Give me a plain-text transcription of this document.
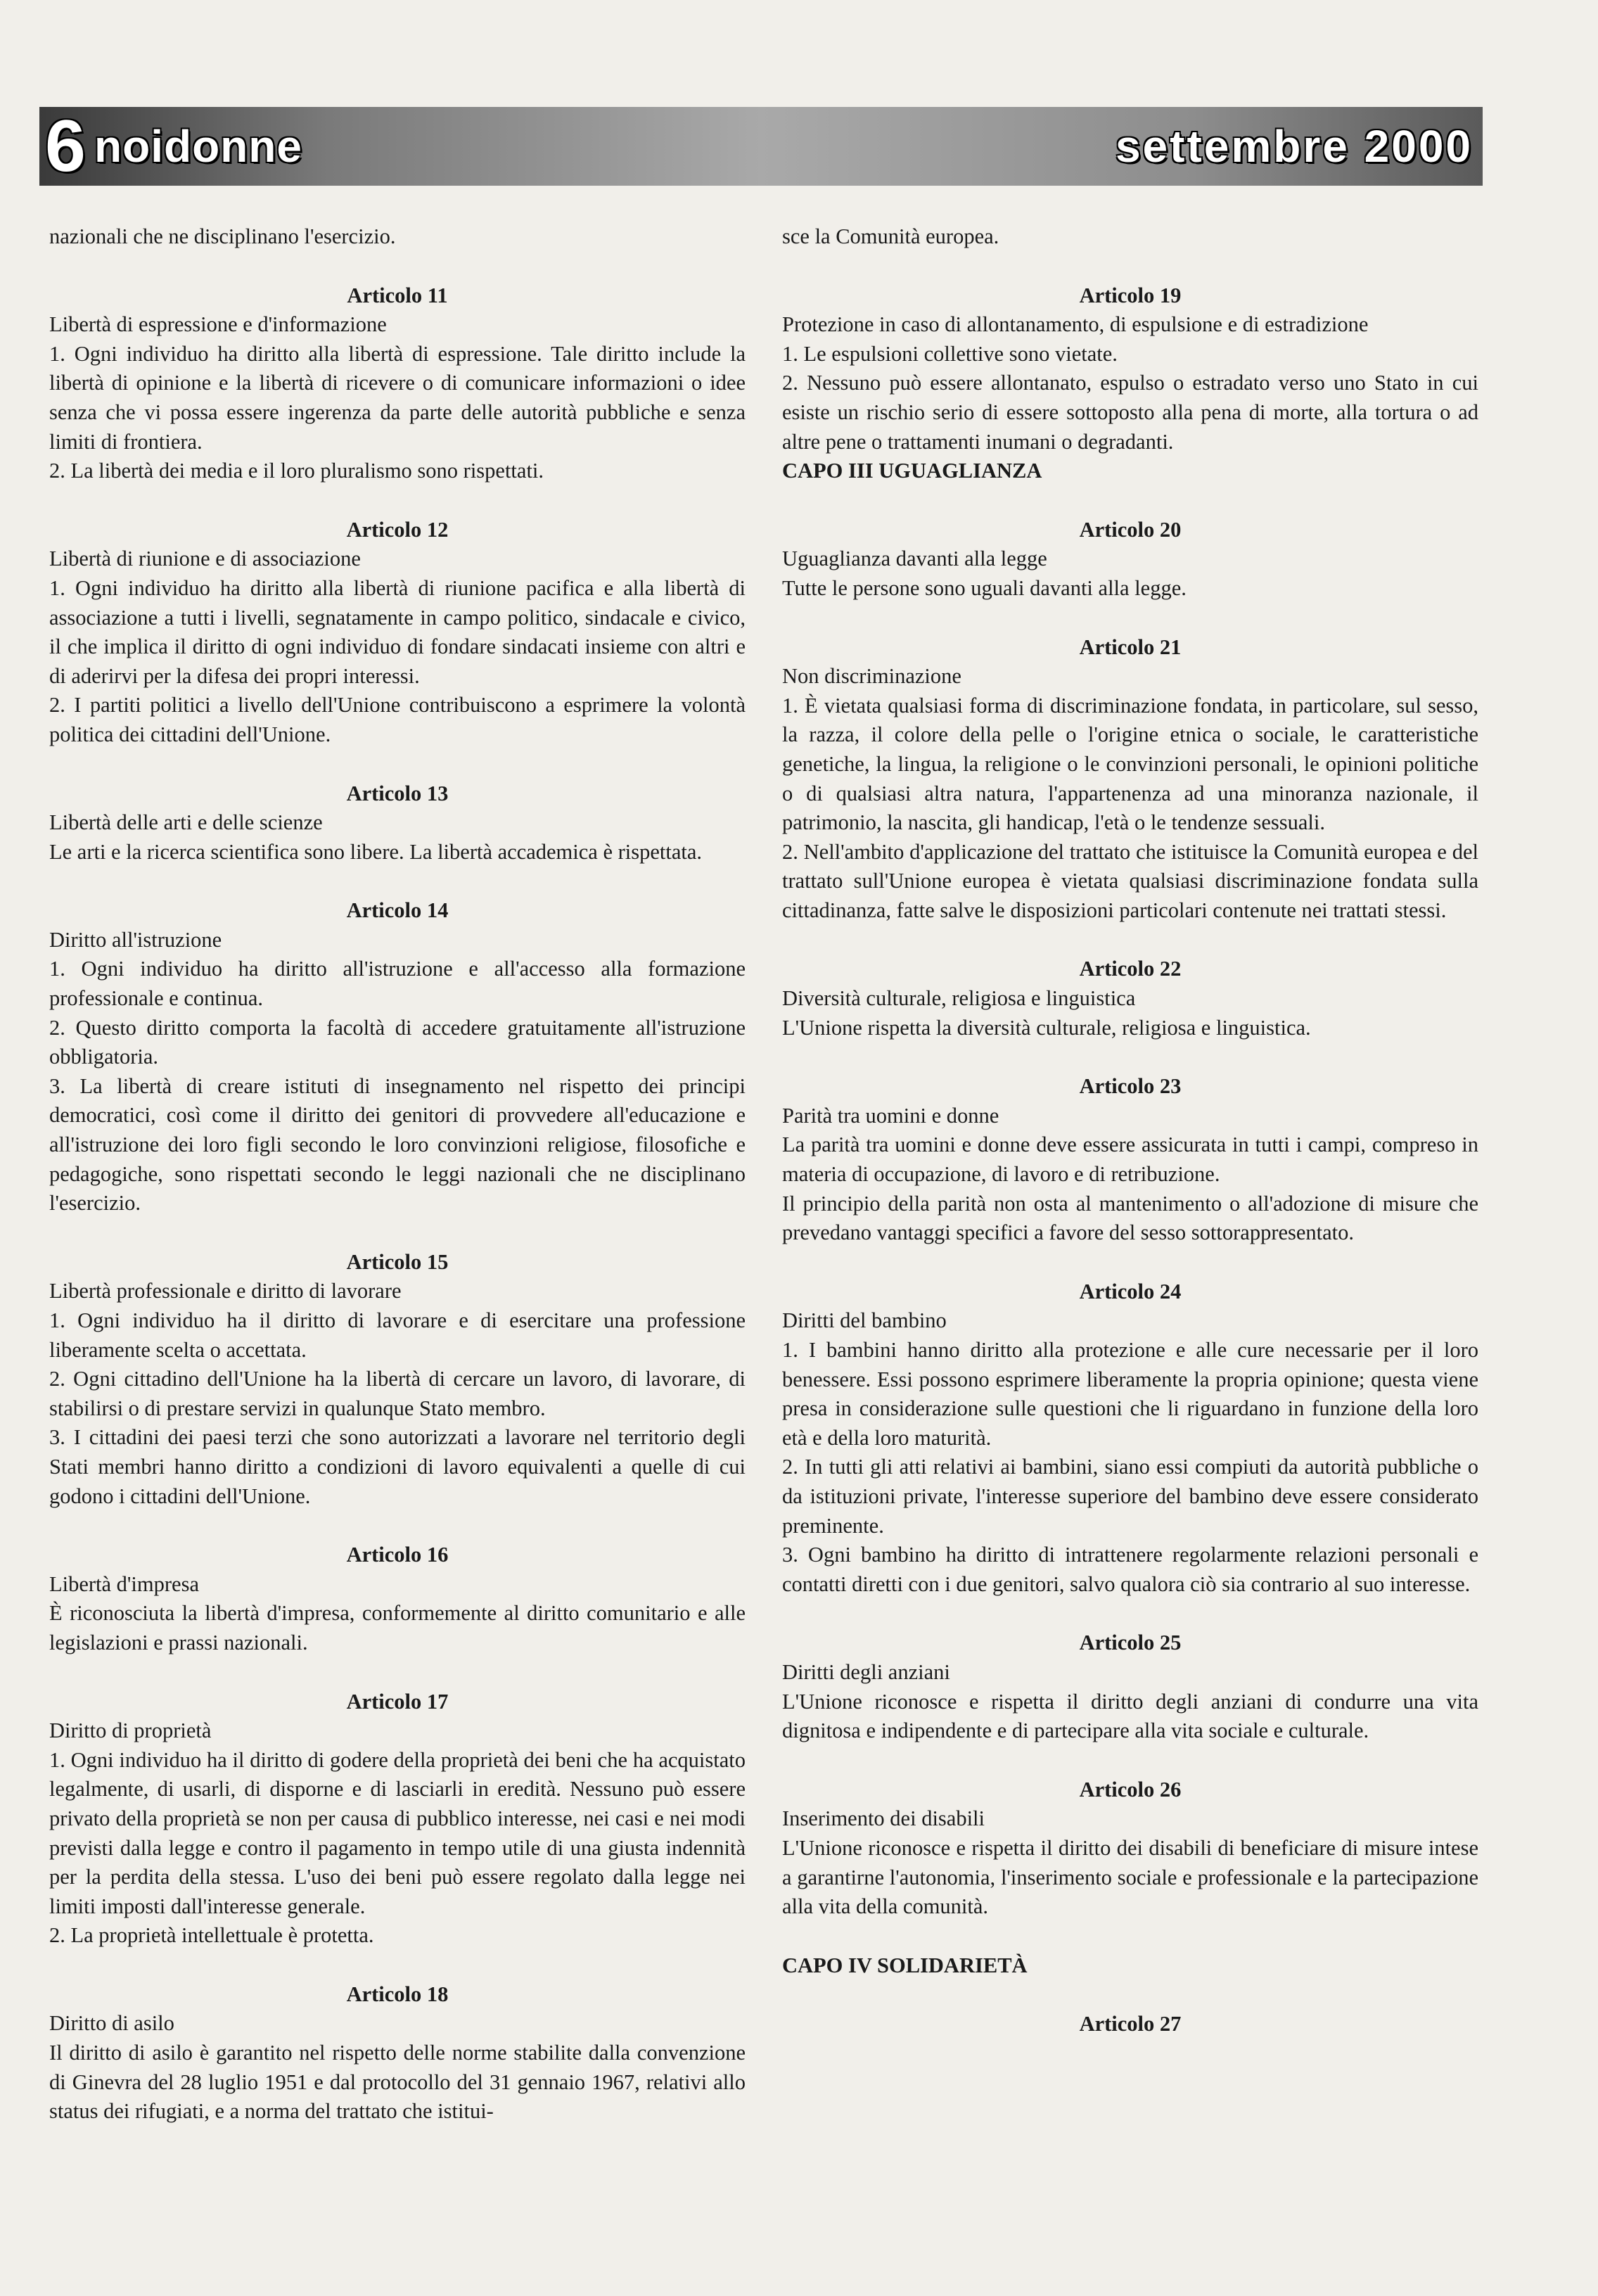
6 noidonne	settembre 2000

nazionali che ne disciplinano l'esercizio.

Articolo 11

Libertà di espressione e d'informazione

1. Ogni individuo ha diritto alla libertà di espressione. Tale diritto include la libertà di opinione e la libertà di ricevere o di comunicare informazioni o idee senza che vi possa essere ingerenza da parte delle autorità pubbliche e senza limiti di frontiera.

2. La libertà dei media e il loro pluralismo sono rispettati.

Articolo 12

Libertà di riunione e di associazione

1. Ogni individuo ha diritto alla libertà di riunione pacifica e alla libertà di associazione a tutti i livelli, segnatamente in campo politico, sindacale e civico, il che implica il diritto di ogni individuo di fondare sindacati insieme con altri e di aderirvi per la difesa dei propri interessi.

2. I partiti politici a livello dell'Unione contribuiscono a esprimere la volontà politica dei cittadini dell'Unione.

Articolo 13

Libertà delle arti e delle scienze

Le arti e la ricerca scientifica sono libere. La libertà accademica è rispettata.

Articolo 14

Diritto all'istruzione

1. Ogni individuo ha diritto all'istruzione e all'accesso alla formazione professionale e continua.

2. Questo diritto comporta la facoltà di accedere gratuitamente all'istruzione obbligatoria.

3. La libertà di creare istituti di insegnamento nel rispetto dei principi democratici, così come il diritto dei genitori di provvedere all'educazione e all'istruzione dei loro figli secondo le loro convinzioni religiose, filosofiche e pedagogiche, sono rispettati secondo le leggi nazionali che ne disciplinano l'esercizio.

Articolo 15

Libertà professionale e diritto di lavorare

1. Ogni individuo ha il diritto di lavorare e di esercitare una professione liberamente scelta o accettata.

2. Ogni cittadino dell'Unione ha la libertà di cercare un lavoro, di lavorare, di stabilirsi o di prestare servizi in qualunque Stato membro.

3. I cittadini dei paesi terzi che sono autorizzati a lavorare nel territorio degli Stati membri hanno diritto a condizioni di lavoro equivalenti a quelle di cui godono i cittadini dell'Unione.

Articolo 16

Libertà d'impresa

È riconosciuta la libertà d'impresa, conformemente al diritto comunitario e alle legislazioni e prassi nazionali.

Articolo 17

Diritto di proprietà

1. Ogni individuo ha il diritto di godere della proprietà dei beni che ha acquistato legalmente, di usarli, di disporne e di lasciarli in eredità. Nessuno può essere privato della proprietà se non per causa di pubblico interesse, nei casi e nei modi previsti dalla legge e contro il pagamento in tempo utile di una giusta indennità per la perdita della stessa. L'uso dei beni può essere regolato dalla legge nei limiti imposti dall'interesse generale.

2. La proprietà intellettuale è protetta.

Articolo 18

Diritto di asilo

Il diritto di asilo è garantito nel rispetto delle norme stabilite dalla convenzione di Ginevra del 28 luglio 1951 e dal protocollo del 31 gennaio 1967, relativi allo status dei rifugiati, e a norma del trattato che istitui-

sce la Comunità europea.

Articolo 19

Protezione in caso di allontanamento, di espulsione e di estradizione

1. Le espulsioni collettive sono vietate.

2. Nessuno può essere allontanato, espulso o estradato verso uno Stato in cui esiste un rischio serio di essere sottoposto alla pena di morte, alla tortura o ad altre pene o trattamenti inumani o degradanti.

CAPO III UGUAGLIANZA

Articolo 20

Uguaglianza davanti alla legge

Tutte le persone sono uguali davanti alla legge.

Articolo 21

Non discriminazione

1. È vietata qualsiasi forma di discriminazione fondata, in particolare, sul sesso, la razza, il colore della pelle o l'origine etnica o sociale, le caratteristiche genetiche, la lingua, la religione o le convinzioni personali, le opinioni politiche o di qualsiasi altra natura, l'appartenenza ad una minoranza nazionale, il patrimonio, la nascita, gli handicap, l'età o le tendenze sessuali.

2. Nell'ambito d'applicazione del trattato che istituisce la Comunità europea e del trattato sull'Unione europea è vietata qualsiasi discriminazione fondata sulla cittadinanza, fatte salve le disposizioni particolari contenute nei trattati stessi.

Articolo 22

Diversità culturale, religiosa e linguistica

L'Unione rispetta la diversità culturale, religiosa e linguistica.

Articolo 23

Parità tra uomini e donne

La parità tra uomini e donne deve essere assicurata in tutti i campi, compreso in materia di occupazione, di lavoro e di retribuzione.

Il principio della parità non osta al mantenimento o all'adozione di misure che prevedano vantaggi specifici a favore del sesso sottorappresentato.

Articolo 24

Diritti del bambino

1. I bambini hanno diritto alla protezione e alle cure necessarie per il loro benessere. Essi possono esprimere liberamente la propria opinione; questa viene presa in considerazione sulle questioni che li riguardano in funzione della loro età e della loro maturità.

2. In tutti gli atti relativi ai bambini, siano essi compiuti da autorità pubbliche o da istituzioni private, l'interesse superiore del bambino deve essere considerato preminente.

3. Ogni bambino ha diritto di intrattenere regolarmente relazioni personali e contatti diretti con i due genitori, salvo qualora ciò sia contrario al suo interesse.

Articolo 25

Diritti degli anziani

L'Unione riconosce e rispetta il diritto degli anziani di condurre una vita dignitosa e indipendente e di partecipare alla vita sociale e culturale.

Articolo 26

Inserimento dei disabili

L'Unione riconosce e rispetta il diritto dei disabili di beneficiare di misure intese a garantirne l'autonomia, l'inserimento sociale e professionale e la partecipazione alla vita della comunità.

CAPO IV SOLIDARIETÀ

Articolo 27
